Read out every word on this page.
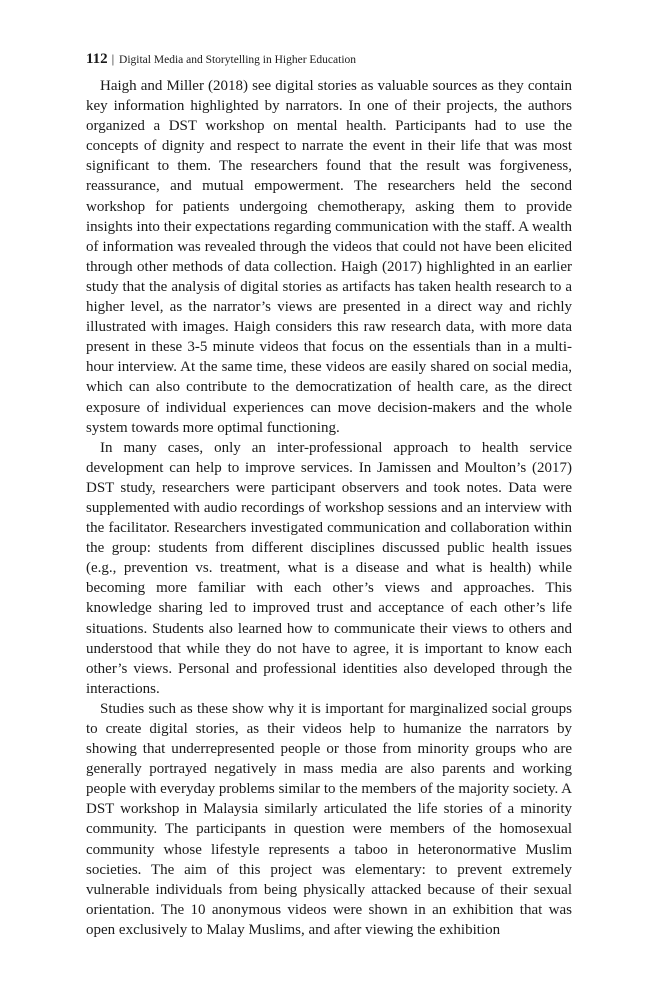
112 | Digital Media and Storytelling in Higher Education

Haigh and Miller (2018) see digital stories as valuable sources as they contain key information highlighted by narrators. In one of their projects, the authors organized a DST workshop on mental health. Participants had to use the concepts of dignity and respect to narrate the event in their life that was most significant to them. The researchers found that the result was forgiveness, reassurance, and mutual empowerment. The researchers held the second workshop for patients undergoing chemotherapy, asking them to provide insights into their expectations regarding communication with the staff. A wealth of information was revealed through the videos that could not have been elicited through other methods of data collection. Haigh (2017) highlighted in an earlier study that the analysis of digital stories as artifacts has taken health research to a higher level, as the narrator’s views are presented in a direct way and richly illustrated with images. Haigh considers this raw research data, with more data present in these 3-5 minute videos that focus on the essentials than in a multi-hour interview. At the same time, these videos are easily shared on social media, which can also contribute to the democratization of health care, as the direct exposure of individual experiences can move decision-makers and the whole system towards more optimal functioning.

In many cases, only an inter-professional approach to health service development can help to improve services. In Jamissen and Moulton’s (2017) DST study, researchers were participant observers and took notes. Data were supplemented with audio recordings of workshop sessions and an interview with the facilitator. Researchers investigated communication and collaboration within the group: students from different disciplines discussed public health issues (e.g., prevention vs. treatment, what is a disease and what is health) while becoming more familiar with each other’s views and approaches. This knowledge sharing led to improved trust and acceptance of each other’s life situations. Students also learned how to communicate their views to others and understood that while they do not have to agree, it is important to know each other’s views. Personal and professional identities also developed through the interactions.

Studies such as these show why it is important for marginalized social groups to create digital stories, as their videos help to humanize the narrators by showing that underrepresented people or those from minority groups who are generally portrayed negatively in mass media are also parents and working people with everyday problems similar to the members of the majority society. A DST workshop in Malaysia similarly articulated the life stories of a minority community. The participants in question were members of the homosexual community whose lifestyle represents a taboo in heteronormative Muslim societies. The aim of this project was elementary: to prevent extremely vulnerable individuals from being physically attacked because of their sexual orientation. The 10 anonymous videos were shown in an exhibition that was open exclusively to Malay Muslims, and after viewing the exhibition
